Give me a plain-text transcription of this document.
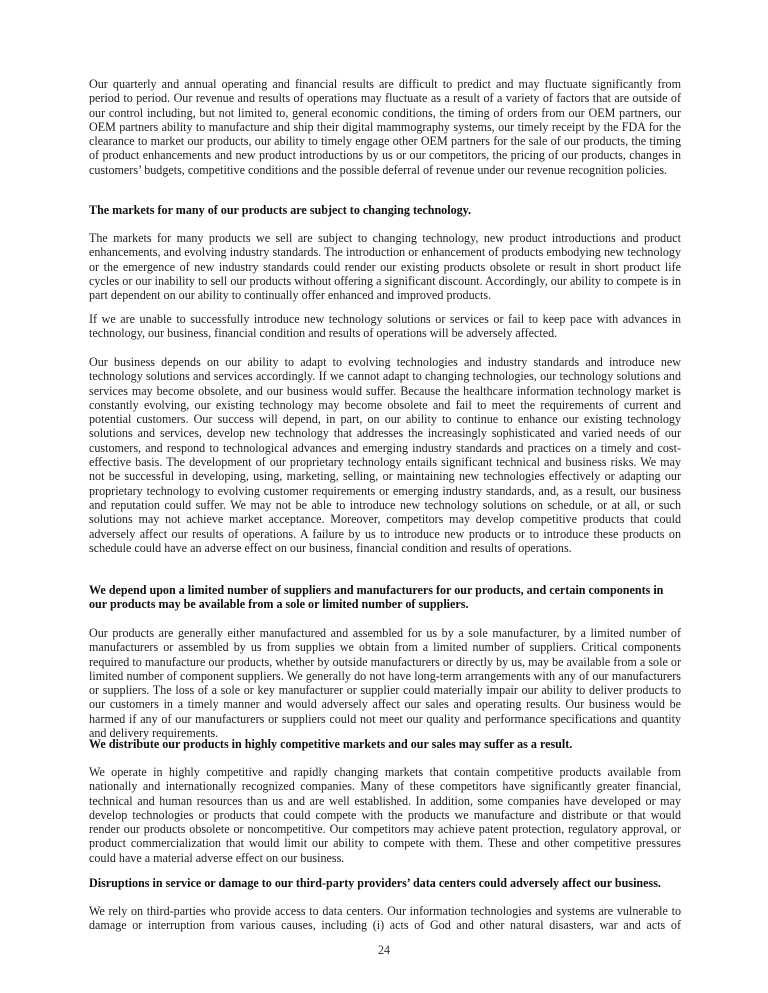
Our quarterly and annual operating and financial results are difficult to predict and may fluctuate significantly from period to period. Our revenue and results of operations may fluctuate as a result of a variety of factors that are outside of our control including, but not limited to, general economic conditions, the timing of orders from our OEM partners, our OEM partners ability to manufacture and ship their digital mammography systems, our timely receipt by the FDA for the clearance to market our products, our ability to timely engage other OEM partners for the sale of our products, the timing of product enhancements and new product introductions by us or our competitors, the pricing of our products, changes in customers’ budgets, competitive conditions and the possible deferral of revenue under our revenue recognition policies.

The markets for many of our products are subject to changing technology.

The markets for many products we sell are subject to changing technology, new product introductions and product enhancements, and evolving industry standards. The introduction or enhancement of products embodying new technology or the emergence of new industry standards could render our existing products obsolete or result in short product life cycles or our inability to sell our products without offering a significant discount. Accordingly, our ability to compete is in part dependent on our ability to continually offer enhanced and improved products.

If we are unable to successfully introduce new technology solutions or services or fail to keep pace with advances in technology, our business, financial condition and results of operations will be adversely affected.

Our business depends on our ability to adapt to evolving technologies and industry standards and introduce new technology solutions and services accordingly. If we cannot adapt to changing technologies, our technology solutions and services may become obsolete, and our business would suffer. Because the healthcare information technology market is constantly evolving, our existing technology may become obsolete and fail to meet the requirements of current and potential customers. Our success will depend, in part, on our ability to continue to enhance our existing technology solutions and services, develop new technology that addresses the increasingly sophisticated and varied needs of our customers, and respond to technological advances and emerging industry standards and practices on a timely and cost-effective basis. The development of our proprietary technology entails significant technical and business risks. We may not be successful in developing, using, marketing, selling, or maintaining new technologies effectively or adapting our proprietary technology to evolving customer requirements or emerging industry standards, and, as a result, our business and reputation could suffer. We may not be able to introduce new technology solutions on schedule, or at all, or such solutions may not achieve market acceptance. Moreover, competitors may develop competitive products that could adversely affect our results of operations. A failure by us to introduce new products or to introduce these products on schedule could have an adverse effect on our business, financial condition and results of operations.

We depend upon a limited number of suppliers and manufacturers for our products, and certain components in our products may be available from a sole or limited number of suppliers.

Our products are generally either manufactured and assembled for us by a sole manufacturer, by a limited number of manufacturers or assembled by us from supplies we obtain from a limited number of suppliers. Critical components required to manufacture our products, whether by outside manufacturers or directly by us, may be available from a sole or limited number of component suppliers. We generally do not have long-term arrangements with any of our manufacturers or suppliers. The loss of a sole or key manufacturer or supplier could materially impair our ability to deliver products to our customers in a timely manner and would adversely affect our sales and operating results. Our business would be harmed if any of our manufacturers or suppliers could not meet our quality and performance specifications and quantity and delivery requirements.

We distribute our products in highly competitive markets and our sales may suffer as a result.

We operate in highly competitive and rapidly changing markets that contain competitive products available from nationally and internationally recognized companies. Many of these competitors have significantly greater financial, technical and human resources than us and are well established. In addition, some companies have developed or may develop technologies or products that could compete with the products we manufacture and distribute or that would render our products obsolete or noncompetitive. Our competitors may achieve patent protection, regulatory approval, or product commercialization that would limit our ability to compete with them. These and other competitive pressures could have a material adverse effect on our business.

Disruptions in service or damage to our third-party providers’ data centers could adversely affect our business.

We rely on third-parties who provide access to data centers. Our information technologies and systems are vulnerable to damage or interruption from various causes, including (i) acts of God and other natural disasters, war and acts of

24
